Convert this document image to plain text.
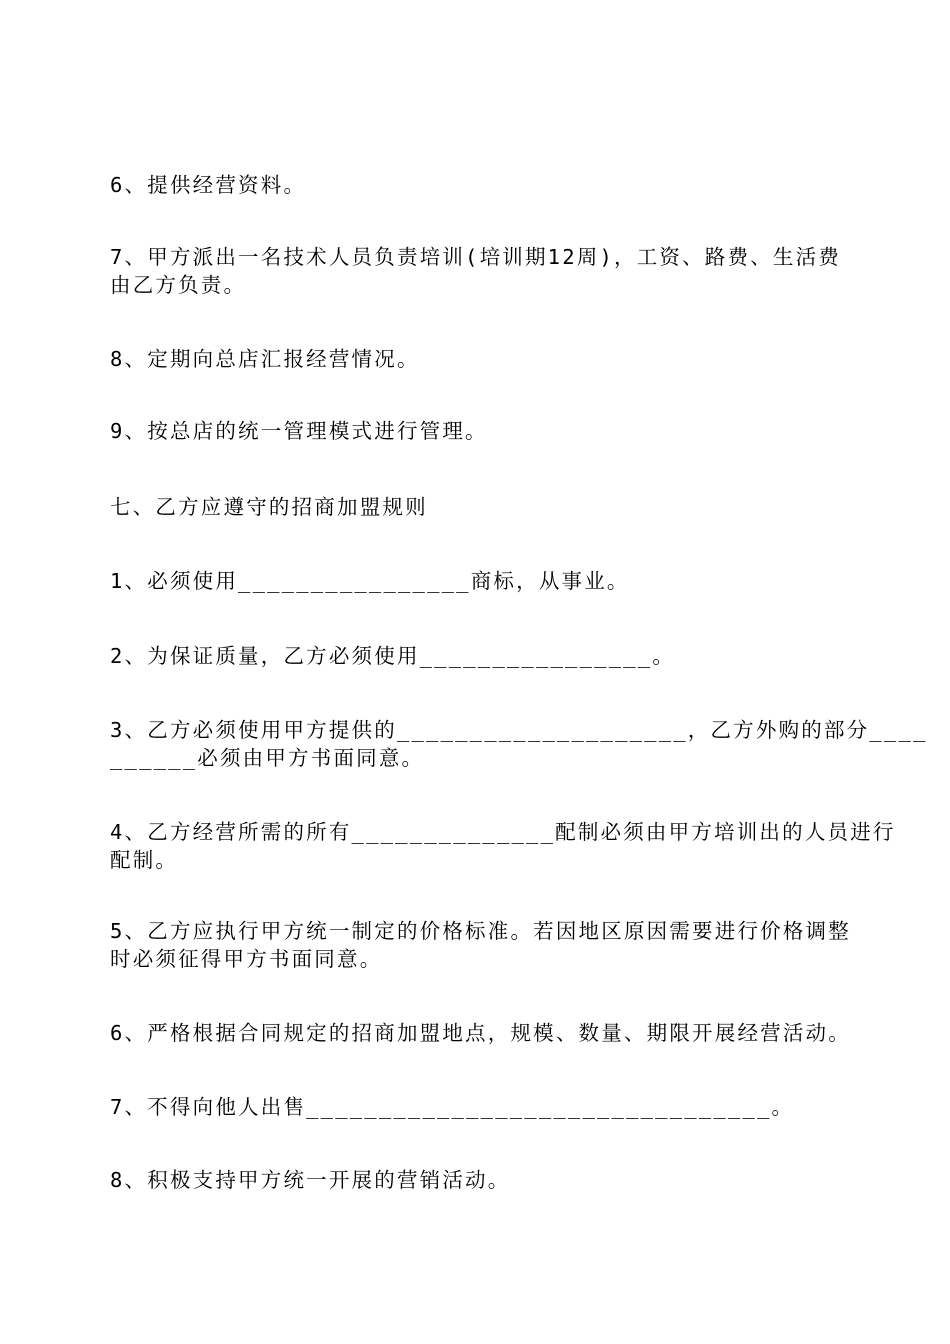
6、提供经营资料。
7、甲方派出一名技术人员负责培训(培训期12周)，工资、路费、生活费
由乙方负责。
8、定期向总店汇报经营情况。
9、按总店的统一管理模式进行管理。
七、乙方应遵守的招商加盟规则
1、必须使用________________商标，从事业。
2、为保证质量，乙方必须使用________________。
3、乙方必须使用甲方提供的____________________，乙方外购的部分____
______必须由甲方书面同意。
4、乙方经营所需的所有______________配制必须由甲方培训出的人员进行
配制。
5、乙方应执行甲方统一制定的价格标准。若因地区原因需要进行价格调整
时必须征得甲方书面同意。
6、严格根据合同规定的招商加盟地点，规模、数量、期限开展经营活动。
7、不得向他人出售________________________________。
8、积极支持甲方统一开展的营销活动。
